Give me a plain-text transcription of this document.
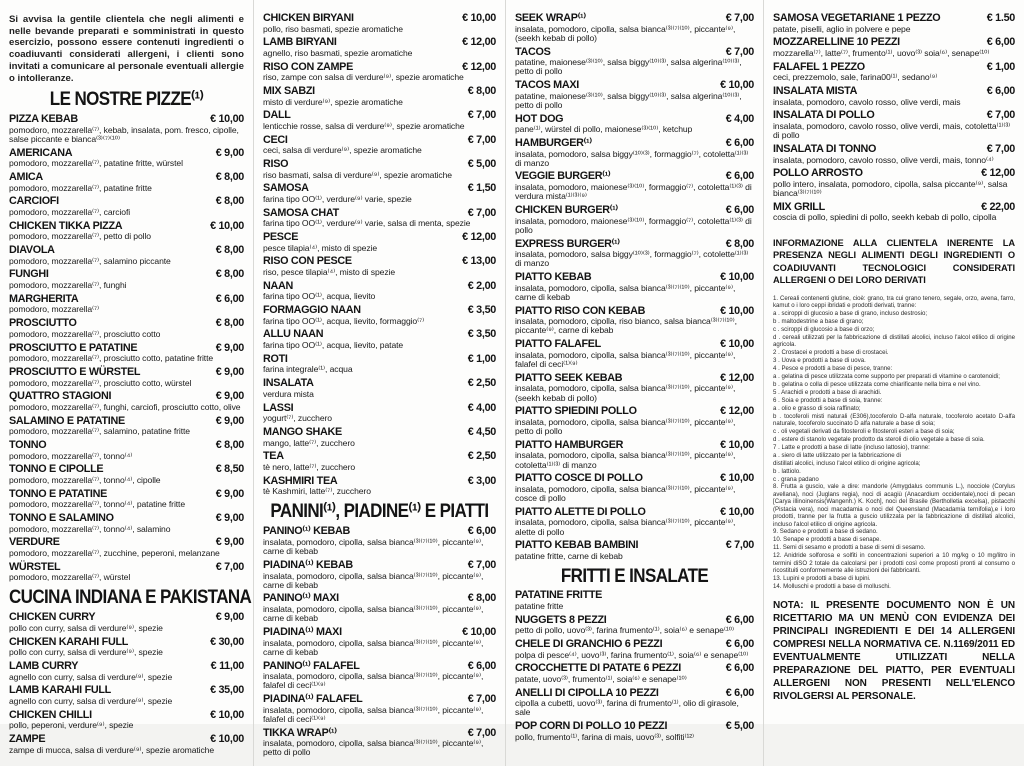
Si avvisa la gentile clientela che negli alimenti e nelle bevande preparati e somministrati in questo esercizio, possono essere contenuti ingredienti o coadiuvanti considerati allergeni, i clienti sono invitati a comunicare al personale eventuali allergie o intolleranze.

LE NOSTRE PIZZE⁽¹⁾
PIZZA KEBAB	€ 10,00
pomodoro, mozzarella⁽⁷⁾, kebab, insalata, pom. fresco, cipolle, salse piccante e bianca⁽³⁾⁽⁷⁾⁽¹⁰⁾
AMERICANA	€ 9,00
pomodoro, mozzarella⁽⁷⁾, patatine fritte, würstel
AMICA	€ 8,00
pomodoro, mozzarella⁽⁷⁾, patatine fritte
CARCIOFI	€ 8,00
pomodoro, mozzarella⁽⁷⁾, carciofi
CHICKEN TIKKA PIZZA	€ 10,00
pomodoro, mozzarella⁽⁷⁾, petto di pollo
DIAVOLA	€ 8,00
pomodoro, mozzarella⁽⁷⁾, salamino piccante
FUNGHI	€ 8,00
pomodoro, mozzarella⁽⁷⁾, funghi
MARGHERITA	€ 6,00
pomodoro, mozzarella⁽⁷⁾
PROSCIUTTO	€ 8,00
pomodoro, mozzarella⁽⁷⁾, prosciutto cotto
PROSCIUTTO E PATATINE	€ 9,00
pomodoro, mozzarella⁽⁷⁾, prosciutto cotto, patatine fritte
PROSCIUTTO E WÜRSTEL	€ 9,00
pomodoro, mozzarella⁽⁷⁾, prosciutto cotto, würstel
QUATTRO STAGIONI	€ 9,00
pomodoro, mozzarella⁽⁷⁾, funghi, carciofi, prosciutto cotto, olive
SALAMINO E PATATINE	€ 9,00
pomodoro, mozzarella⁽⁷⁾, salamino, patatine fritte
TONNO	€ 8,00
pomodoro, mozzarella⁽⁷⁾, tonno⁽⁴⁾
TONNO E CIPOLLE	€ 8,50
pomodoro, mozzarella⁽⁷⁾, tonno⁽⁴⁾, cipolle
TONNO E PATATINE	€ 9,00
pomodoro, mozzarella⁽⁷⁾, tonno⁽⁴⁾, patatine fritte
TONNO E SALAMINO	€ 9,00
pomodoro, mozzarella⁽⁷⁾, tonno⁽⁴⁾, salamino
VERDURE	€ 9,00
pomodoro, mozzarella⁽⁷⁾, zucchine, peperoni, melanzane
WÜRSTEL	€ 7,00
pomodoro, mozzarella⁽⁷⁾, würstel
CUCINA INDIANA E PAKISTANA
CHICKEN CURRY	€ 9,00
pollo con curry, salsa di verdure⁽⁹⁾, spezie
CHICKEN KARAHI FULL	€ 30,00
pollo con curry, salsa di verdure⁽⁹⁾, spezie
LAMB CURRY	€ 11,00
agnello con curry, salsa di verdure⁽⁹⁾, spezie
LAMB KARAHI FULL	€ 35,00
agnello con curry, salsa di verdure⁽⁹⁾, spezie
CHICKEN CHILLI	€ 10,00
pollo, peperoni, verdure⁽⁹⁾, spezie
ZAMPE	€ 10,00
zampe di mucca, salsa di verdure⁽⁹⁾, spezie aromatiche
CHICKEN BIRYANI	€ 10,00
pollo, riso basmati, spezie aromatiche
LAMB BIRYANI	€ 12,00
agnello, riso basmati, spezie aromatiche
RISO CON ZAMPE	€ 12,00
riso, zampe con salsa di verdure⁽⁹⁾, spezie aromatiche
MIX SABZI	€ 8,00
misto di verdure⁽⁹⁾, spezie aromatiche
DALL	€ 7,00
lenticchie rosse, salsa di verdure⁽⁹⁾, spezie aromatiche
CECI	€ 7,00
ceci, salsa di verdure⁽⁹⁾, spezie aromatiche
RISO	€ 5,00
riso basmati, salsa di verdure⁽⁹⁾, spezie aromatiche
SAMOSA	€ 1,50
farina tipo OO⁽¹⁾, verdure⁽⁹⁾ varie, spezie
SAMOSA CHAT	€ 7,00
farina tipo OO⁽¹⁾, verdure⁽⁹⁾ varie, salsa di menta, spezie
PESCE	€ 12,00
pesce tilapia⁽⁴⁾, misto di spezie
RISO CON PESCE	€ 13,00
riso, pesce tilapia⁽⁴⁾, misto di spezie
NAAN	€ 2,00
farina tipo OO⁽¹⁾, acqua, lievito
FORMAGGIO NAAN	€ 3,50
farina tipo OO⁽¹⁾, acqua, lievito, formaggio⁽⁷⁾
ALLU NAAN	€ 3,50
farina tipo OO⁽¹⁾, acqua, lievito, patate
ROTI	€ 1,00
farina integrale⁽¹⁾, acqua
INSALATA	€ 2,50
verdura mista
LASSI	€ 4,00
yogurt⁽⁷⁾, zucchero
MANGO SHAKE	€ 4,50
mango, latte⁽⁷⁾, zucchero
TEA	€ 2,50
tè nero, latte⁽⁷⁾, zucchero
KASHMIRI TEA	€ 3,00
tè Kashmiri, latte⁽⁷⁾, zucchero
PANINI⁽¹⁾, PIADINE⁽¹⁾ E PIATTI
PANINO⁽¹⁾ KEBAB	€ 6,00
insalata, pomodoro, cipolla, salsa bianca⁽³⁾⁽⁷⁾⁽¹⁰⁾, piccante⁽⁹⁾, carne di kebab
PIADINA⁽¹⁾ KEBAB	€ 7,00
insalata, pomodoro, cipolla, salsa bianca⁽³⁾⁽⁷⁾⁽¹⁰⁾, piccante⁽⁹⁾, carne di kebab
PANINO⁽¹⁾ MAXI	€ 8,00
insalata, pomodoro, cipolla, salsa bianca⁽³⁾⁽⁷⁾⁽¹⁰⁾, piccante⁽⁹⁾, carne di kebab
PIADINA⁽¹⁾ MAXI	€ 10,00
insalata, pomodoro, cipolla, salsa bianca⁽³⁾⁽⁷⁾⁽¹⁰⁾, piccante⁽⁹⁾, carne di kebab
PANINO⁽¹⁾ FALAFEL	€ 6,00
insalata, pomodoro, cipolla, salsa bianca⁽³⁾⁽⁷⁾⁽¹⁰⁾, piccante⁽⁹⁾, falafel di ceci⁽¹⁾⁽⁹⁾
PIADINA⁽¹⁾ FALAFEL	€ 7,00
insalata, pomodoro, cipolla, salsa bianca⁽³⁾⁽⁷⁾⁽¹⁰⁾, piccante⁽⁹⁾, falafel di ceci⁽¹⁾⁽⁹⁾
TIKKA WRAP⁽¹⁾	€ 7,00
insalata, pomodoro, cipolla, salsa bianca⁽³⁾⁽⁷⁾⁽¹⁰⁾, piccante⁽⁹⁾, petto di pollo
SEEK WRAP⁽¹⁾	€ 7,00
insalata, pomodoro, cipolla, salsa bianca⁽³⁾⁽⁷⁾⁽¹⁰⁾, piccante⁽⁹⁾, (seekh kebab di pollo)
TACOS	€ 7,00
patatine, maionese⁽³⁾⁽¹⁰⁾, salsa biggy⁽¹⁰⁾⁽³⁾, salsa algerina⁽¹⁰⁾⁽³⁾, petto di pollo
TACOS MAXI	€ 10,00
patatine, maionese⁽³⁾⁽¹⁰⁾, salsa biggy⁽¹⁰⁾⁽³⁾, salsa algerina⁽¹⁰⁾⁽³⁾, petto di pollo
HOT DOG	€ 4,00
pane⁽¹⁾, würstel di pollo, maionese⁽³⁾⁽¹⁰⁾, ketchup
HAMBURGER⁽¹⁾	€ 6,00
insalata, pomodoro, salsa biggy⁽¹⁰⁾⁽³⁾, formaggio⁽⁷⁾, cotoletta⁽¹⁾⁽³⁾ di manzo
VEGGIE BURGER⁽¹⁾	€ 6,00
insalata, pomodoro, maionese⁽³⁾⁽¹⁰⁾, formaggio⁽⁷⁾, cotoletta⁽¹⁾⁽³⁾ di verdura mista⁽¹⁾⁽³⁾⁽⁹⁾
CHICKEN BURGER⁽¹⁾	€ 6,00
insalata, pomodoro, maionese⁽³⁾⁽¹⁰⁾, formaggio⁽⁷⁾, cotoletta⁽¹⁾⁽³⁾ di pollo
EXPRESS BURGER⁽¹⁾	€ 8,00
insalata, pomodoro, salsa biggy⁽¹⁰⁾⁽³⁾, formaggio⁽⁷⁾, cotolette⁽¹⁾⁽³⁾ di manzo
PIATTO KEBAB	€ 10,00
insalata, pomodoro, cipolla, salsa bianca⁽³⁾⁽⁷⁾⁽¹⁰⁾, piccante⁽⁹⁾, carne di kebab
PIATTO RISO CON KEBAB	€ 10,00
insalata, pomodoro, cipolla, riso bianco, salsa bianca⁽³⁾⁽⁷⁾⁽¹⁰⁾, piccante⁽⁹⁾, carne di kebab
PIATTO FALAFEL	€ 10,00
insalata, pomodoro, cipolla, salsa bianca⁽³⁾⁽⁷⁾⁽¹⁰⁾, piccante⁽⁹⁾, falafel di ceci⁽¹⁾⁽⁹⁾
PIATTO SEEK KEBAB	€ 12,00
insalata, pomodoro, cipolla, salsa bianca⁽³⁾⁽⁷⁾⁽¹⁰⁾, piccante⁽⁹⁾, (seekh kebab di pollo)
PIATTO SPIEDINI POLLO	€ 12,00
insalata, pomodoro, cipolla, salsa bianca⁽³⁾⁽⁷⁾⁽¹⁰⁾, piccante⁽⁹⁾, petto di pollo
PIATTO HAMBURGER	€ 10,00
insalata, pomodoro, cipolla, salsa bianca⁽³⁾⁽⁷⁾⁽¹⁰⁾, piccante⁽⁹⁾, cotoletta⁽¹⁾⁽³⁾ di manzo
PIATTO COSCE DI POLLO	€ 10,00
insalata, pomodoro, cipolla, salsa bianca⁽³⁾⁽⁷⁾⁽¹⁰⁾, piccante⁽⁹⁾, cosce di pollo
PIATTO ALETTE DI POLLO	€ 10,00
insalata, pomodoro, cipolla, salsa bianca⁽³⁾⁽⁷⁾⁽¹⁰⁾, piccante⁽⁹⁾, alette di pollo
PIATTO KEBAB BAMBINI	€ 7,00
patatine fritte, carne di kebab
FRITTI E INSALATE
PATATINE FRITTE
patatine fritte
NUGGETS 8 PEZZI	€ 6,00
petto di pollo, uovo⁽³⁾, farina frumento⁽¹⁾, soia⁽⁶⁾ e senape⁽¹⁰⁾
CHELE DI GRANCHIO 6 PEZZI	€ 6,00
polpa di pesce⁽⁴⁾, uovo⁽³⁾, farina frumento⁽¹⁾, soia⁽⁶⁾ e senape⁽¹⁰⁾
CROCCHETTE DI PATATE 6 PEZZI	€ 6,00
patate, uovo⁽³⁾, frumento⁽¹⁾, soia⁽⁶⁾ e senape⁽¹⁰⁾
ANELLI DI CIPOLLA 10 PEZZI	€ 6,00
cipolla a cubetti, uovo⁽³⁾, farina di frumento⁽¹⁾, olio di girasole, sale
POP CORN DI POLLO 10 PEZZI	€ 5,00
pollo, frumento⁽¹⁾, farina di mais, uovo⁽³⁾, solfiti⁽¹²⁾
SAMOSA VEGETARIANE 1 PEZZO	€ 1.50
patate, piselli, aglio in polvere e pepe
MOZZARELLINE 10 PEZZI	€ 6,00
mozzarella⁽⁷⁾, latte⁽⁷⁾, frumento⁽¹⁾, uovo⁽³⁾ soia⁽⁶⁾, senape⁽¹⁰⁾
FALAFEL 1 PEZZO	€ 1,00
ceci, prezzemolo, sale, farina00⁽¹⁾, sedano⁽⁹⁾
INSALATA MISTA	€ 6,00
insalata, pomodoro, cavolo rosso, olive verdi, mais
INSALATA DI POLLO	€ 7,00
insalata, pomodoro, cavolo rosso, olive verdi, mais, cotoletta⁽¹⁾⁽³⁾ di pollo
INSALATA DI TONNO	€ 7,00
insalata, pomodoro, cavolo rosso, olive verdi, mais, tonno⁽⁴⁾
POLLO ARROSTO	€ 12,00
pollo intero, insalata, pomodoro, cipolla, salsa piccante⁽⁹⁾, salsa bianca⁽³⁾⁽⁷⁾⁽¹⁰⁾
MIX GRILL	€ 22,00
coscia di pollo, spiedini di pollo, seekh kebab di pollo, cipolla

INFORMAZIONE ALLA CLIENTELA INERENTE LA PRESENZA NEGLI ALIMENTI DEGLI INGREDIENTI O COADIUVANTI TECNOLOGICI CONSIDERATI ALLERGENI O DEI LORO DERIVATI

1. Cereali contenenti glutine, cioè: grano, tra cui grano tenero, segale, orzo, avena, farro, kamut o i loro ceppi ibridati e prodotti derivati, tranne:

a . sciroppi di glucosio a base di grano, incluso destrosio;

b . maltodestrine a base di grano;

c . sciroppi di glucosio a base di orzo;

d . cereali utilizzati per la fabbricazione di distillati alcolici, incluso l'alcol etilico di origine agricola.

2 . Crostacei e prodotti a base di crostacei.

3 . Uova e prodotti a base di uova.

4 . Pesce e prodotti a base di pesce, tranne:

a . gelatina di pesce utilizzata come supporto per preparati di vitamine o carotenoidi;

b . gelatina o colla di pesce utilizzata come chiarificante nella birra e nel vino.

5 . Arachidi e prodotti a base di arachidi.

6 . Soia e prodotti a base di soia, tranne:

a . olio e grasso di soia raffinato;

b . tocoferoli misti naturali (E306),tocoferolo D-alfa naturale, tocoferolo acetato D-alfa naturale, tocoferolo succinato D alfa naturale a base di soia;

c . oli vegetali derivati da fitosteroli e fitosteroli esteri a base di soia;

d . estere di stanolo vegetale prodotto da steroli di olio vegetale a base di soia.

7 . Latte e prodotti a base di latte (incluso lattosio), tranne:

a . siero di latte utilizzato per la fabbricazione di

distillati alcolici, incluso l'alcol etilico di origine agricola;

b . lattiolo.

c . grana padano

8. Frutta a guscio, vale a dire: mandorle (Amygdalus communis L.), nocciole (Corylus avellana), noci (Juglans regia), noci di acagiù (Anacardium occidentale),noci di pecan [Carya illinoinensis(Wangenh.) K. Koch], noci del Brasile (Bertholletia excelsa), pistacchi (Pistacia vera), noci macadamia o noci del Queensland (Macadamia ternifolia),e i loro prodotti, tranne per la frutta a guscio utilizzata per la fabbricazione di distillati alcolici, incluso l'alcol etilico di origine agricola.

9. Sedano e prodotti a base di sedano.

10. Senape e prodotti a base di senape.

11. Semi di sesamo e prodotti a base di semi di sesamo.

12. Anidride solforosa e solfiti in concentrazioni superiori a 10 mg/kg o 10 mg/litro in termini diSO 2 totale da calcolarsi per i prodotti così come proposti pronti al consumo o ricostituiti conformemente alle istruzioni dei fabbricanti.

13. Lupini e prodotti a base di lupini.

14. Molluschi e prodotti a base di molluschi.

NOTA: IL PRESENTE DOCUMENTO NON È UN RICETTARIO MA UN MENÙ CON EVIDENZA DEI PRINCIPALI INGREDIENTI E DEI 14 ALLERGENI COMPRESI NELLA NORMATIVA CE. N.1169/2011 ED EVENTUALMENTE UTILIZZATI NELLA PREPARAZIONE DEL PIATTO, PER EVENTUALI ALLERGENI NON PRESENTI NELL'ELENCO RIVOLGERSI AL PERSONALE.
